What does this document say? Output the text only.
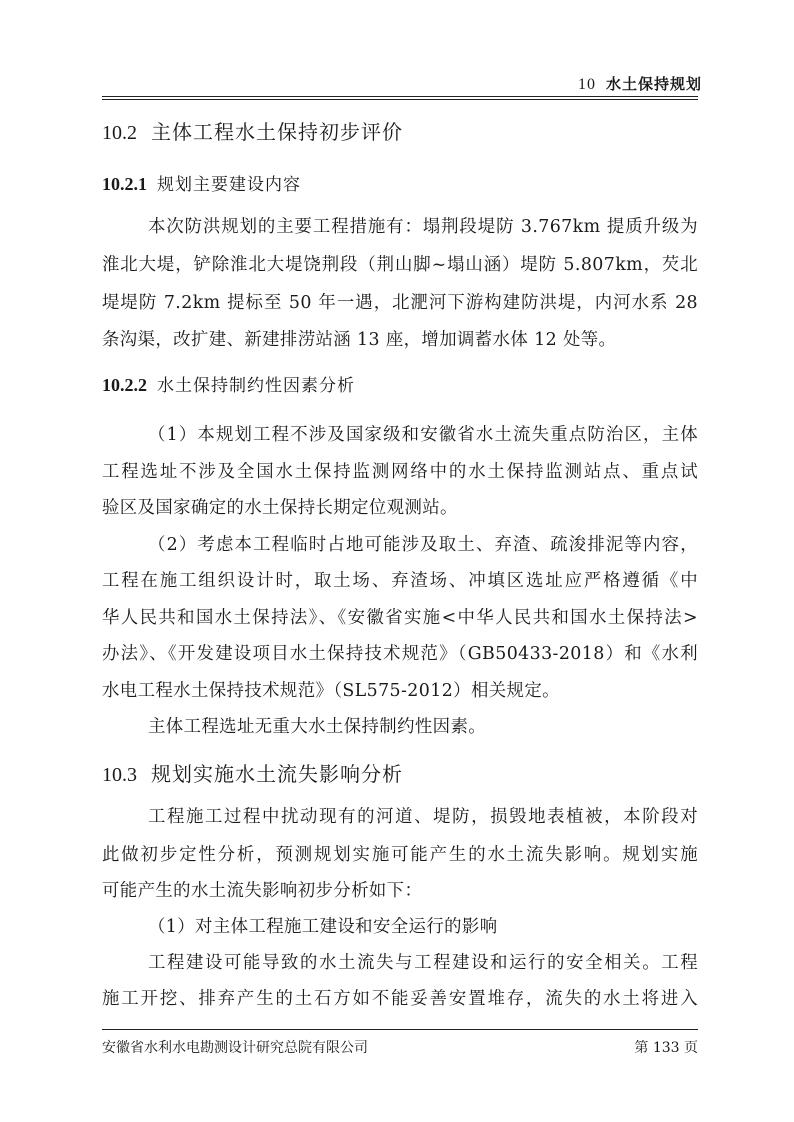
10 水土保持规划
10.2 主体工程水土保持初步评价
10.2.1 规划主要建设内容
本次防洪规划的主要工程措施有：塌荆段堤防 3.767km 提质升级为
淮北大堤，铲除淮北大堤饶荆段（荆山脚~塌山涵）堤防 5.807km，芡北
堤堤防 7.2km 提标至 50 年一遇，北淝河下游构建防洪堤，内河水系 28
条沟渠，改扩建、新建排涝站涵 13 座，增加调蓄水体 12 处等。
10.2.2 水土保持制约性因素分析
（1）本规划工程不涉及国家级和安徽省水土流失重点防治区，主体
工程选址不涉及全国水土保持监测网络中的水土保持监测站点、重点试
验区及国家确定的水土保持长期定位观测站。
（2）考虑本工程临时占地可能涉及取土、弃渣、疏浚排泥等内容，
工程在施工组织设计时，取土场、弃渣场、冲填区选址应严格遵循《中
华人民共和国水土保持法》、《安徽省实施<中华人民共和国水土保持法>
办法》、《开发建设项目水土保持技术规范》（GB50433-2018）和《水利
水电工程水土保持技术规范》（SL575-2012）相关规定。
主体工程选址无重大水土保持制约性因素。
10.3 规划实施水土流失影响分析
工程施工过程中扰动现有的河道、堤防，损毁地表植被，本阶段对
此做初步定性分析，预测规划实施可能产生的水土流失影响。规划实施
可能产生的水土流失影响初步分析如下：
（1）对主体工程施工建设和安全运行的影响
工程建设可能导致的水土流失与工程建设和运行的安全相关。工程
施工开挖、排弃产生的土石方如不能妥善安置堆存，流失的水土将进入
安徽省水利水电勘测设计研究总院有限公司	第 133 页
